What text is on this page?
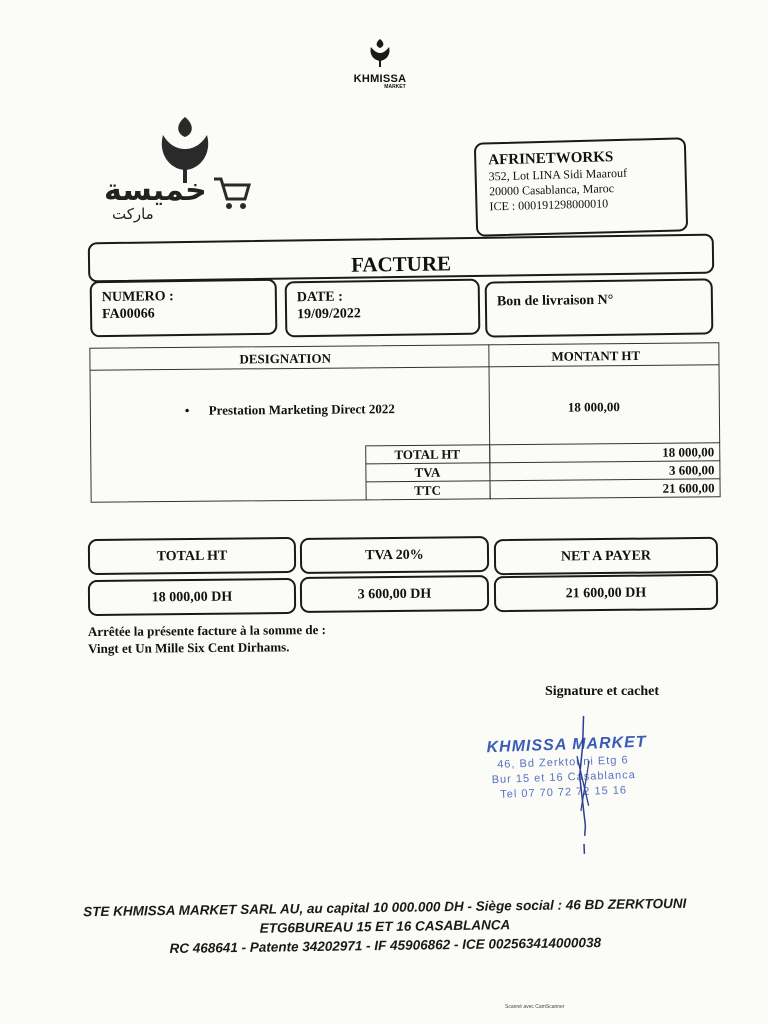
KHMISSA
MARKET
خميسة
ماركت
AFRINETWORKS
352, Lot LINA Sidi Maarouf
20000 Casablanca, Maroc
ICE : 000191298000010
FACTURE
NUMERO :
FA00066
DATE :
19/09/2022
Bon de livraison N°
DESIGNATION	MONTANT HT
• Prestation Marketing Direct 2022	18 000,00
TOTAL HT	18 000,00
TVA	3 600,00
TTC	21 600,00
TOTAL HT	TVA 20%	NET A PAYER
18 000,00 DH	3 600,00 DH	21 600,00 DH
Arrêtée la présente facture à la somme de :
Vingt et Un Mille Six Cent Dirhams.
Signature et cachet
KHMISSA MARKET
46, Bd Zerktouni Etg 6
Bur 15 et 16 Casablanca
Tel 07 70 72 72 15 16
STE KHMISSA MARKET SARL AU, au capital 10 000.000 DH - Siège social : 46 BD ZERKTOUNI
ETG6BUREAU 15 ET 16 CASABLANCA
RC 468641 - Patente 34202971 - IF 45906862 - ICE 002563414000038
Scanné avec CamScanner
